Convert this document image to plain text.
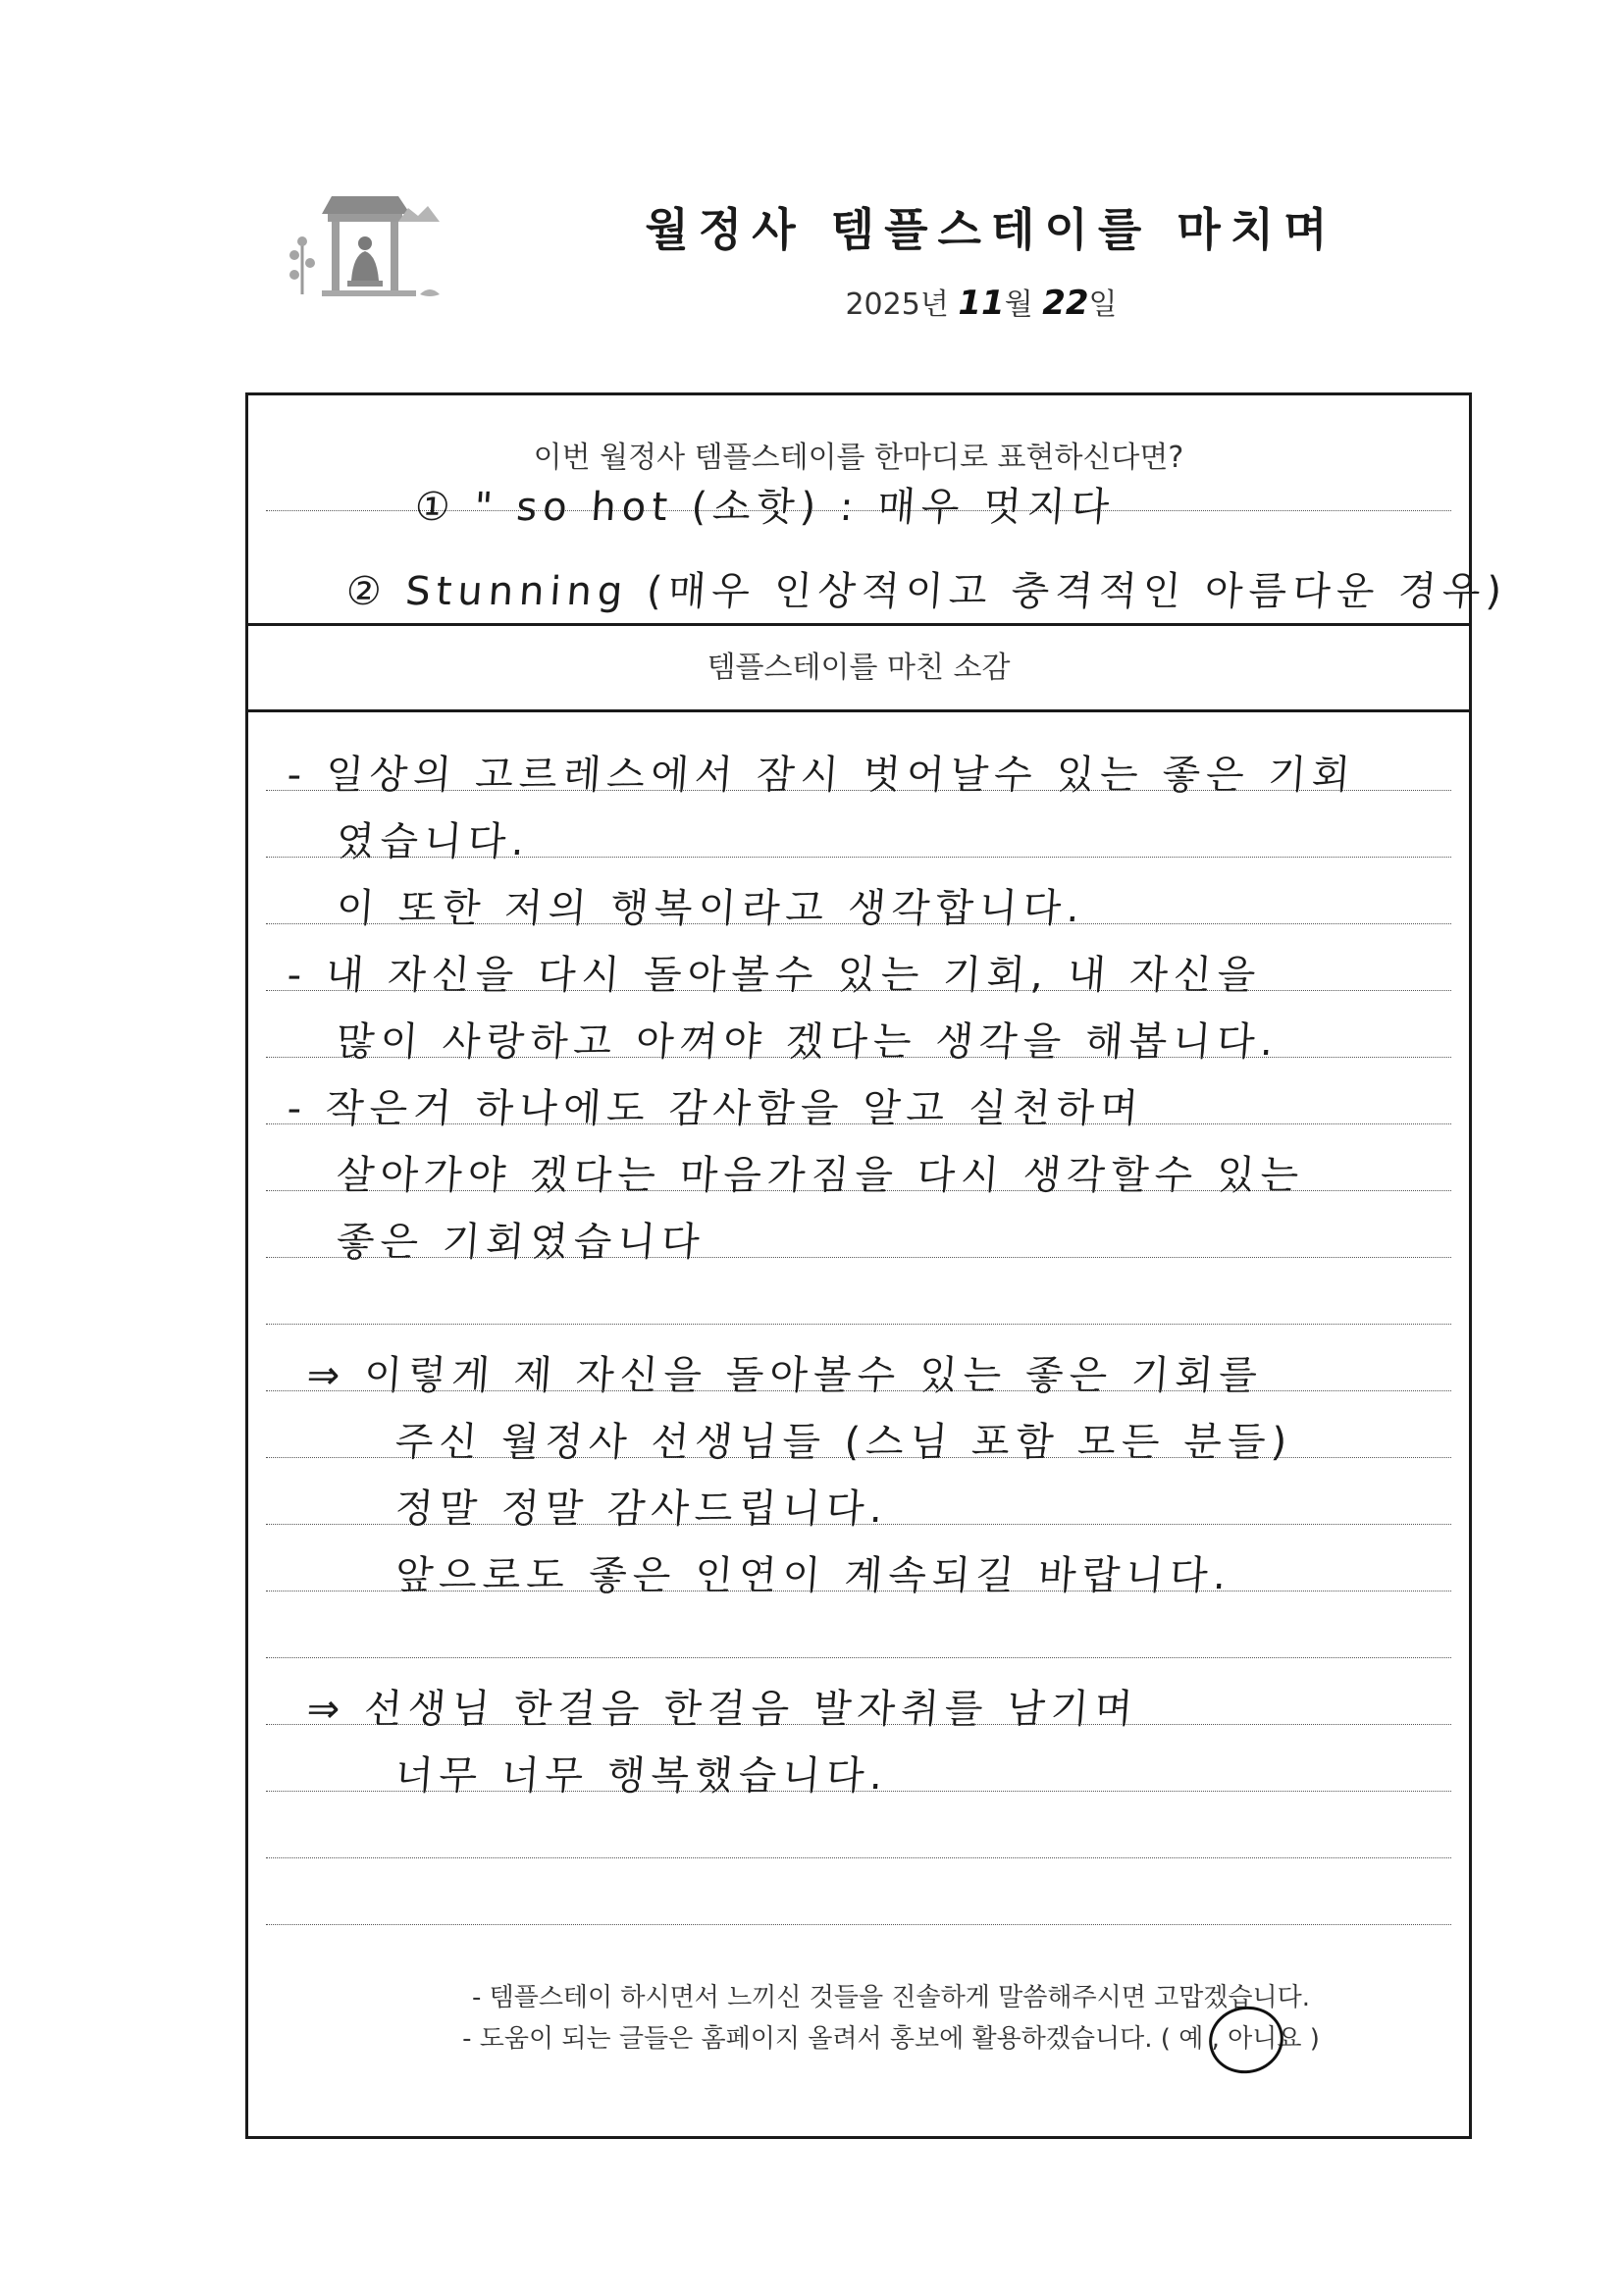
월정사 템플스테이를 마치며
2025년 11월 22일
이번 월정사 템플스테이를 한마디로 표현하신다면?
① " so hot (소핫) : 매우 멋지다
② Stunning (매우 인상적이고 충격적인 아름다운 경우)
템플스테이를 마친 소감
- 일상의 고르레스에서 잠시 벗어날수 있는 좋은 기회
였습니다.
이 또한 저의 행복이라고 생각합니다.
- 내 자신을 다시 돌아볼수 있는 기회, 내 자신을
많이 사랑하고 아껴야 겠다는 생각을 해봅니다.
- 작은거 하나에도 감사함을 알고 실천하며
살아가야 겠다는 마음가짐을 다시 생각할수 있는
좋은 기회였습니다
⇒ 이렇게 제 자신을 돌아볼수 있는 좋은 기회를
주신 월정사 선생님들 (스님 포함 모든 분들)
정말 정말 감사드립니다.
앞으로도 좋은 인연이 계속되길 바랍니다.
⇒ 선생님 한걸음 한걸음 발자취를 남기며
너무 너무 행복했습니다.
- 템플스테이 하시면서 느끼신 것들을 진솔하게 말씀해주시면 고맙겠습니다.
- 도움이 되는 글들은 홈페이지 올려서 홍보에 활용하겠습니다. ( 예 , 아니요 )
